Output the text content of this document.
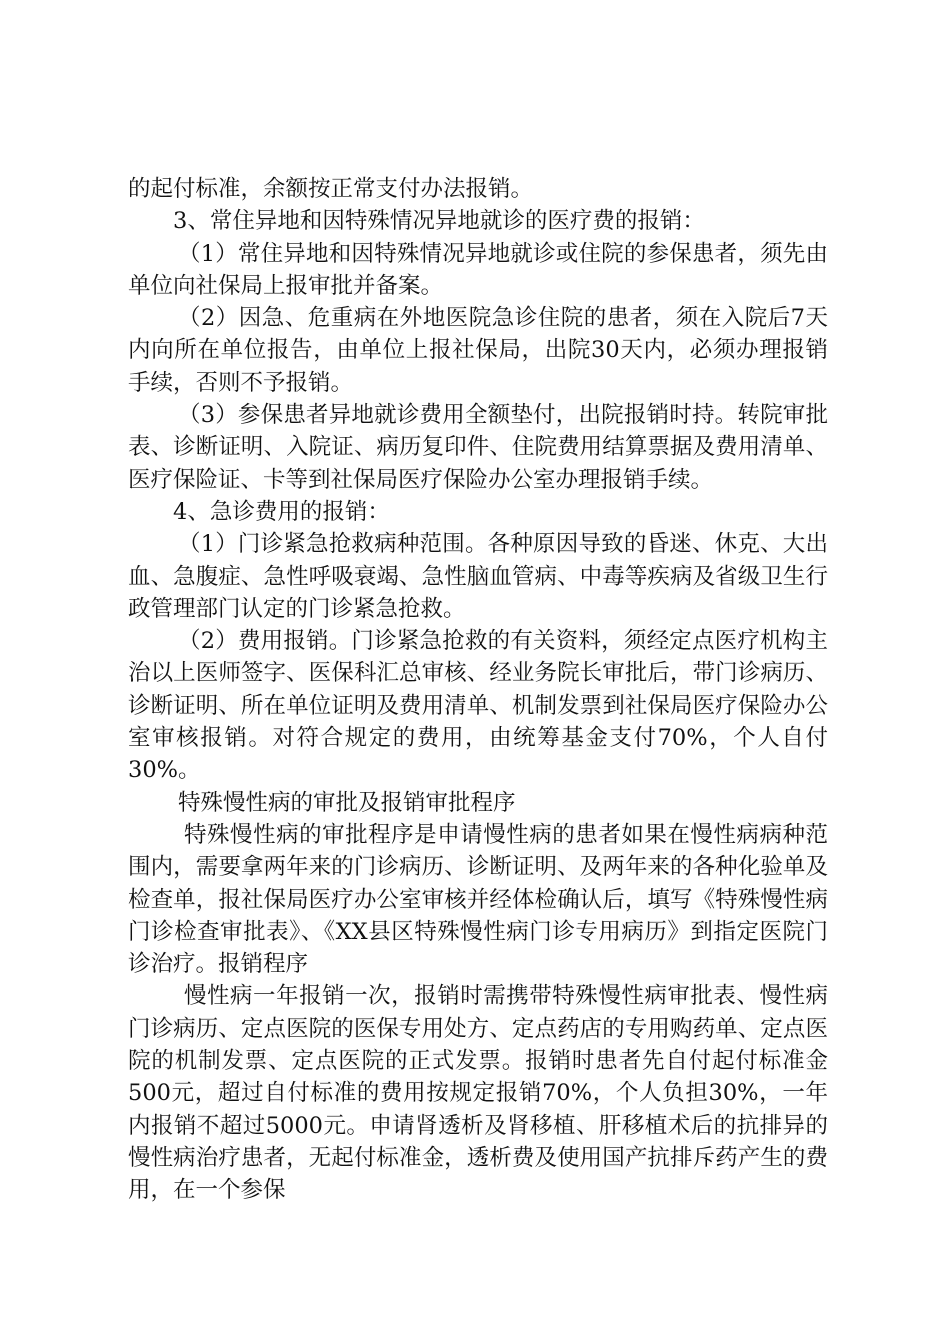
的起付标准，余额按正常支付办法报销。

3、常住异地和因特殊情况异地就诊的医疗费的报销：

（1）常住异地和因特殊情况异地就诊或住院的参保患者，须先由单位向社保局上报审批并备案。

（2）因急、危重病在外地医院急诊住院的患者，须在入院后7天内向所在单位报告，由单位上报社保局，出院30天内，必须办理报销手续，否则不予报销。

（3）参保患者异地就诊费用全额垫付，出院报销时持。转院审批表、诊断证明、入院证、病历复印件、住院费用结算票据及费用清单、医疗保险证、卡等到社保局医疗保险办公室办理报销手续。

4、急诊费用的报销：

（1）门诊紧急抢救病种范围。各种原因导致的昏迷、休克、大出血、急腹症、急性呼吸衰竭、急性脑血管病、中毒等疾病及省级卫生行政管理部门认定的门诊紧急抢救。

（2）费用报销。门诊紧急抢救的有关资料，须经定点医疗机构主治以上医师签字、医保科汇总审核、经业务院长审批后，带门诊病历、诊断证明、所在单位证明及费用清单、机制发票到社保局医疗保险办公室审核报销。对符合规定的费用，由统筹基金支付70%，个人自付30%。

特殊慢性病的审批及报销审批程序

特殊慢性病的审批程序是申请慢性病的患者如果在慢性病病种范围内，需要拿两年来的门诊病历、诊断证明、及两年来的各种化验单及检查单，报社保局医疗办公室审核并经体检确认后，填写《特殊慢性病门诊检查审批表》、《XX县区特殊慢性病门诊专用病历》到指定医院门诊治疗。报销程序

慢性病一年报销一次，报销时需携带特殊慢性病审批表、慢性病门诊病历、定点医院的医保专用处方、定点药店的专用购药单、定点医院的机制发票、定点医院的正式发票。报销时患者先自付起付标准金500元，超过自付标准的费用按规定报销70%，个人负担30%，一年内报销不超过5000元。申请肾透析及肾移植、肝移植术后的抗排异的慢性病治疗患者，无起付标准金，透析费及使用国产抗排斥药产生的费用，在一个参保
